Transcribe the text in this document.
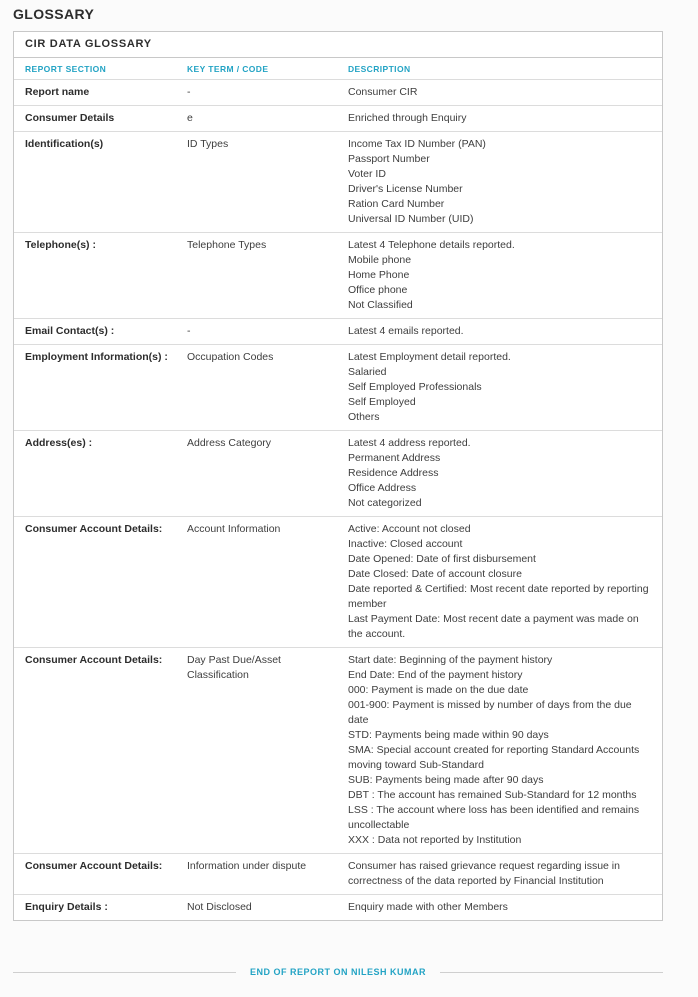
GLOSSARY
CIR DATA GLOSSARY
REPORT SECTION	KEY TERM / CODE	DESCRIPTION
Report name	-	Consumer CIR
Consumer Details	e	Enriched through Enquiry
Identification(s)	ID Types	Income Tax ID Number (PAN)
Passport Number
Voter ID
Driver's License Number
Ration Card Number
Universal ID Number (UID)
Telephone(s) :	Telephone Types	Latest 4 Telephone details reported.
Mobile phone
Home Phone
Office phone
Not Classified
Email Contact(s) :	-	Latest 4 emails reported.
Employment Information(s) :	Occupation Codes	Latest Employment detail reported.
Salaried
Self Employed Professionals
Self Employed
Others
Address(es) :	Address Category	Latest 4 address reported.
Permanent Address
Residence Address
Office Address
Not categorized
Consumer Account Details:	Account Information	Active: Account not closed
Inactive: Closed account
Date Opened: Date of first disbursement
Date Closed: Date of account closure
Date reported & Certified: Most recent date reported by reporting member
Last Payment Date: Most recent date a payment was made on the account.
Consumer Account Details:	Day Past Due/Asset Classification
Start date: Beginning of the payment history
End Date: End of the payment history
000: Payment is made on the due date
001-900: Payment is missed by number of days from the due date
STD: Payments being made within 90 days
SMA: Special account created for reporting Standard Accounts moving toward Sub-Standard
SUB: Payments being made after 90 days
DBT : The account has remained Sub-Standard for 12 months
LSS : The account where loss has been identified and remains uncollectable
XXX : Data not reported by Institution
Consumer Account Details:	Information under dispute	Consumer has raised grievance request regarding issue in correctness of the data reported by Financial Institution
Enquiry Details :	Not Disclosed	Enquiry made with other Members
END OF REPORT ON NILESH KUMAR
